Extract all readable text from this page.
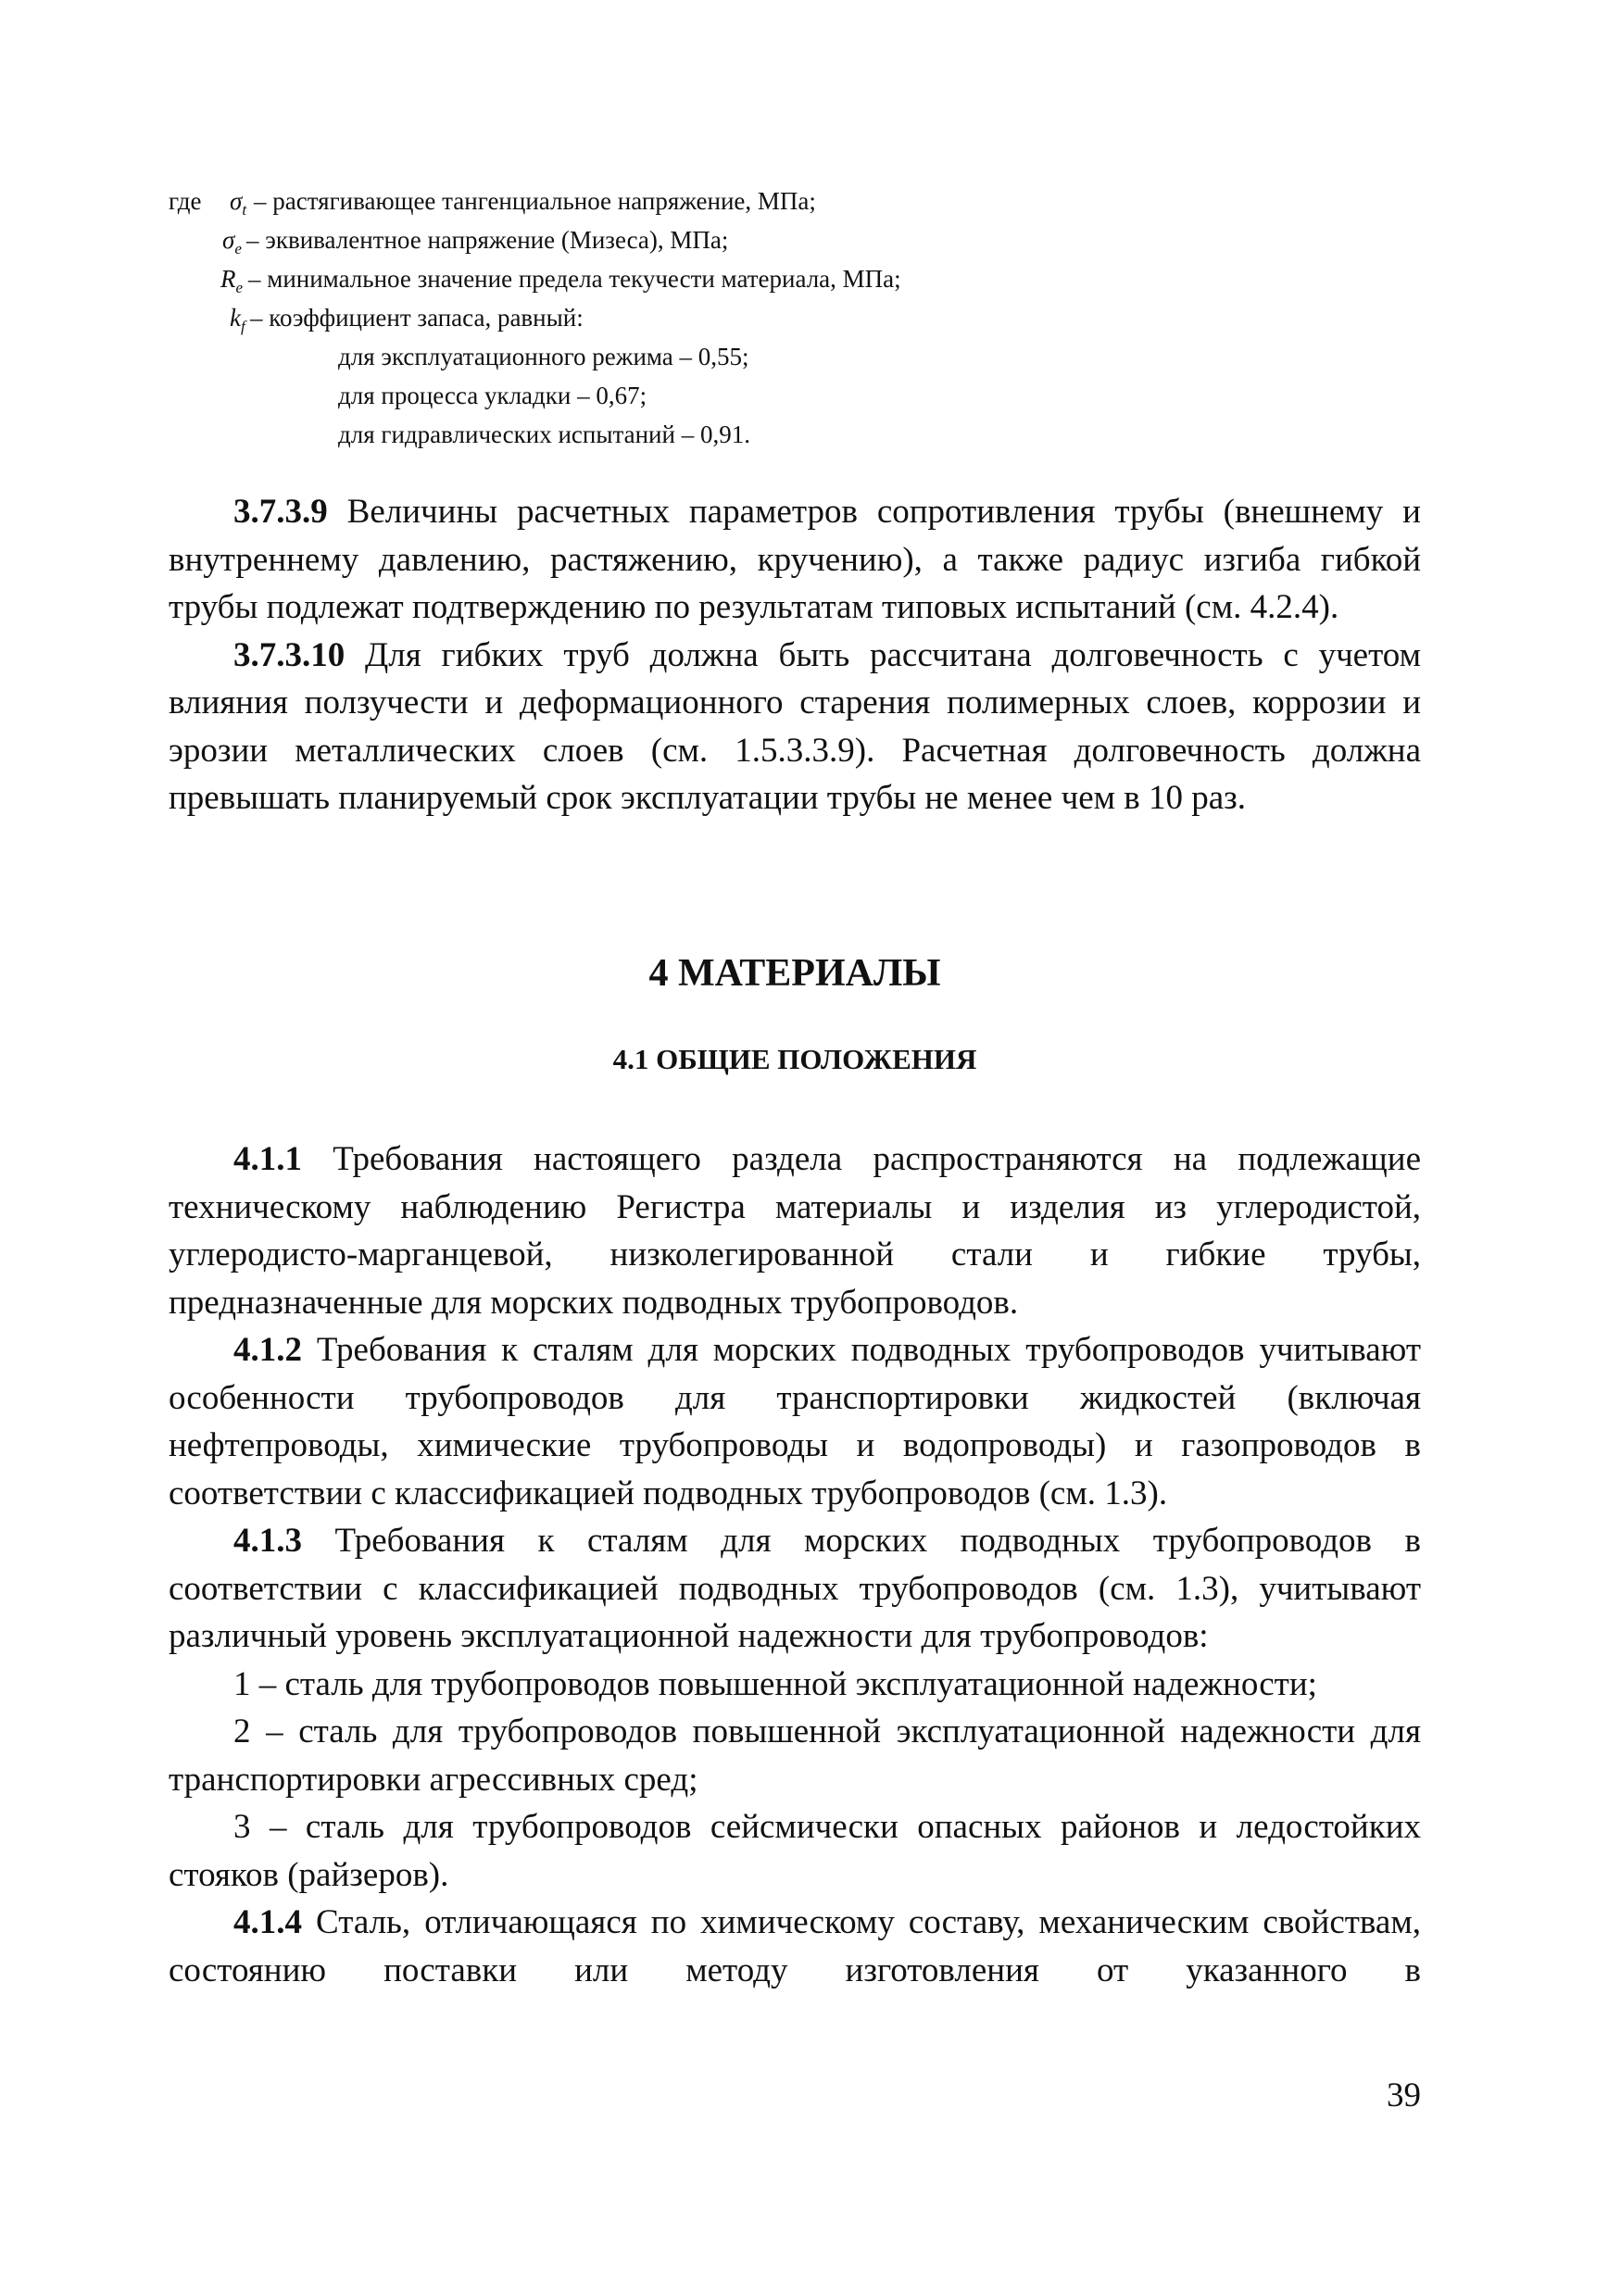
где $\sigma_t$ – растягивающее тангенциальное напряжение, МПа;
$\sigma_e$ – эквивалентное напряжение (Мизеса), МПа;
$R_e$ – минимальное значение предела текучести материала, МПа;
$k_f$ – коэффициент запаса, равный:
для эксплуатационного режима – 0,55;
для процесса укладки – 0,67;
для гидравлических испытаний – 0,91.

3.7.3.9 Величины расчетных параметров сопротивления трубы (внешнему и внутреннему давлению, растяжению, кручению), а также радиус изгиба гибкой трубы подлежат подтверждению по результатам типовых испытаний (см. 4.2.4).

3.7.3.10 Для гибких труб должна быть рассчитана долговечность с учетом влияния ползучести и деформационного старения полимерных слоев, коррозии и эрозии металлических слоев (см. 1.5.3.3.9). Расчетная долговечность должна превышать планируемый срок эксплуатации трубы не менее чем в 10 раз.

4 МАТЕРИАЛЫ
4.1 ОБЩИЕ ПОЛОЖЕНИЯ

4.1.1 Требования настоящего раздела распространяются на подлежащие техническому наблюдению Регистра материалы и изделия из углеродистой, углеродисто-марганцевой, низколегированной стали и гибкие трубы, предназначенные для морских подводных трубопроводов.

4.1.2 Требования к сталям для морских подводных трубопроводов учитывают особенности трубопроводов для транспортировки жидкостей (включая нефтепроводы, химические трубопроводы и водопроводы) и газопроводов в соответствии с классификацией подводных трубопроводов (см. 1.3).

4.1.3 Требования к сталям для морских подводных трубопроводов в соответствии с классификацией подводных трубопроводов (см. 1.3), учитывают различный уровень эксплуатационной надежности для трубопроводов:

1 – сталь для трубопроводов повышенной эксплуатационной надежности;

2 – сталь для трубопроводов повышенной эксплуатационной надежности для транспортировки агрессивных сред;

3 – сталь для трубопроводов сейсмически опасных районов и ледостойких стояков (райзеров).

4.1.4 Сталь, отличающаяся по химическому составу, механическим свойствам, состоянию поставки или методу изготовления от указанного в

39
